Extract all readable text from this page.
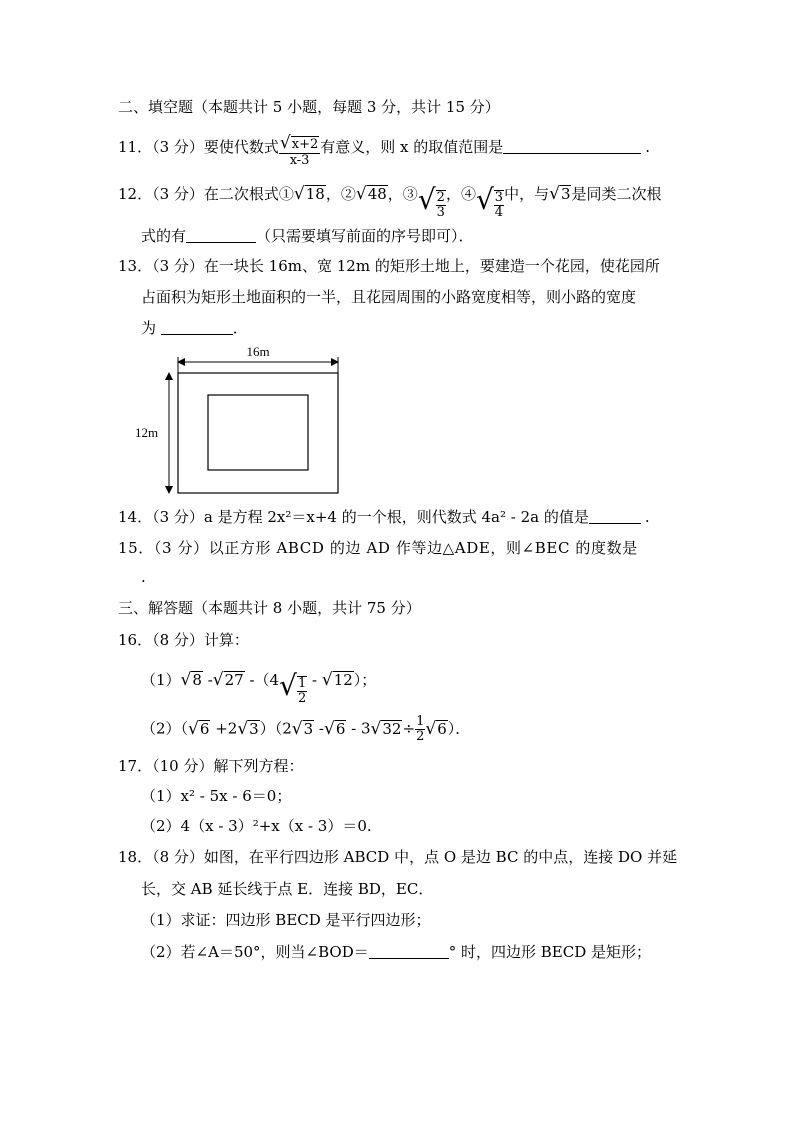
二、填空题（本题共计 5 小题，每题 3 分，共计 15 分）
11．（3 分）要使代数式 $\frac{√x+2}{x-3}$ 有意义，则 x 的取值范围是	.
12．（3 分）在二次根式①√18，②√48，③√ $\frac{2}{3}$ ，④√ $\frac{3}{4}$ 中，与√3是同类二次根
式的有	（只需要填写前面的序号即可）．
13．（3 分）在一块长 16m、宽 12m 的矩形土地上，要建造一个花园，使花园所
占面积为矩形土地面积的一半，且花园周围的小路宽度相等，则小路的宽度
为	．
16m
12m
14．（3 分）a 是方程 2x²＝x+4 的一个根，则代数式 4a² - 2a 的值是	.
15．（3 分）以正方形 ABCD 的边 AD 作等边△ADE，则∠BEC 的度数是
.
三、解答题（本题共计 8 小题，共计 75 分）
16．（8 分）计算：
（1）√8 -√27 $-(4√ \frac{1}{2} - √12)$；
（2）（√6 +2√3）（2√3 $-√6 - 3√32\div \frac{1}{2} √6$）．
17．（10 分）解下列方程：
（1）x² - 5x - 6＝0；
（2）4（x - 3）²+x（x - 3）＝0.
18．（8 分）如图，在平行四边形 ABCD 中，点 O 是边 BC 的中点，连接 DO 并延
长，交 AB 延长线于点 E．连接 BD，EC．
（1）求证：四边形 BECD 是平行四边形；
（2）若∠A＝50°，则当∠BOD＝	° 时，四边形 BECD 是矩形；
